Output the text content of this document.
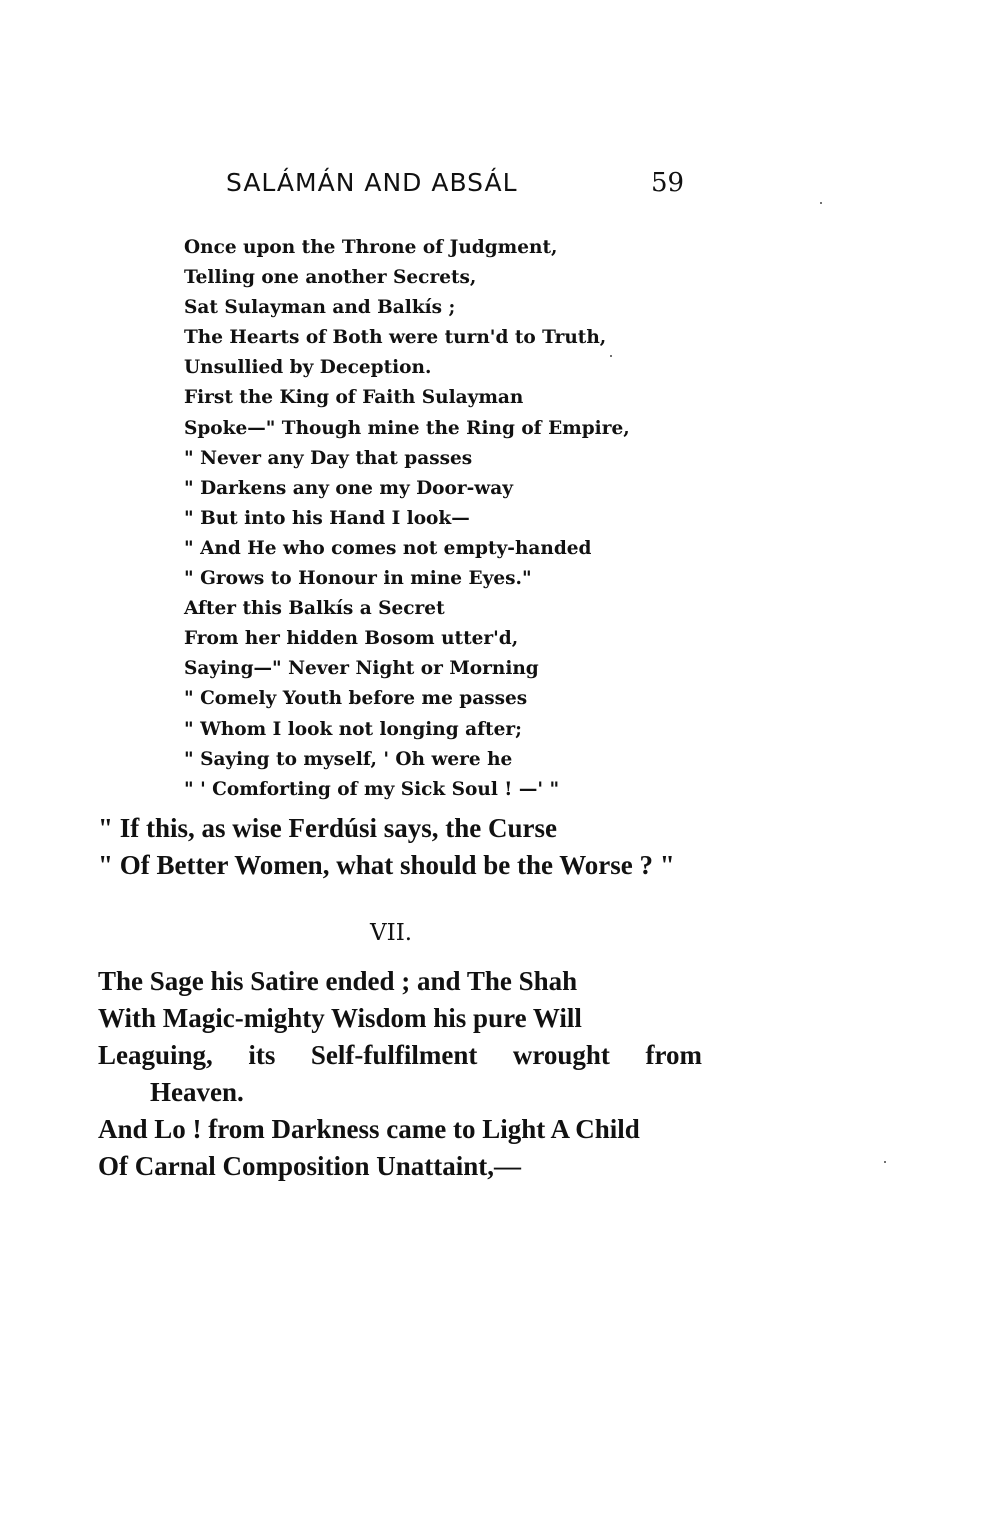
SALÁMÁN AND ABSÁL	59
Once upon the Throne of Judgment,
Telling one another Secrets,
Sat Sulayman and Balkís ;
The Hearts of Both were turn'd to Truth,
Unsullied by Deception.
First the King of Faith Sulayman
Spoke—" Though mine the Ring of Empire,
" Never any Day that passes
" Darkens any one my Door-way
" But into his Hand I look—
" And He who comes not empty-handed
" Grows to Honour in mine Eyes."
After this Balkís a Secret
From her hidden Bosom utter'd,
Saying—" Never Night or Morning
" Comely Youth before me passes
" Whom I look not longing after;
" Saying to myself, ' Oh were he
" ' Comforting of my Sick Soul ! —' "
" If this, as wise Ferdúsi says, the Curse
" Of Better Women, what should be the Worse ? "
VII.
The Sage his Satire ended ; and The Shah
With Magic-mighty Wisdom his pure Will
Leaguing, its Self-fulfilment wrought from
Heaven.
And Lo ! from Darkness came to Light A Child
Of Carnal Composition Unattaint,—
